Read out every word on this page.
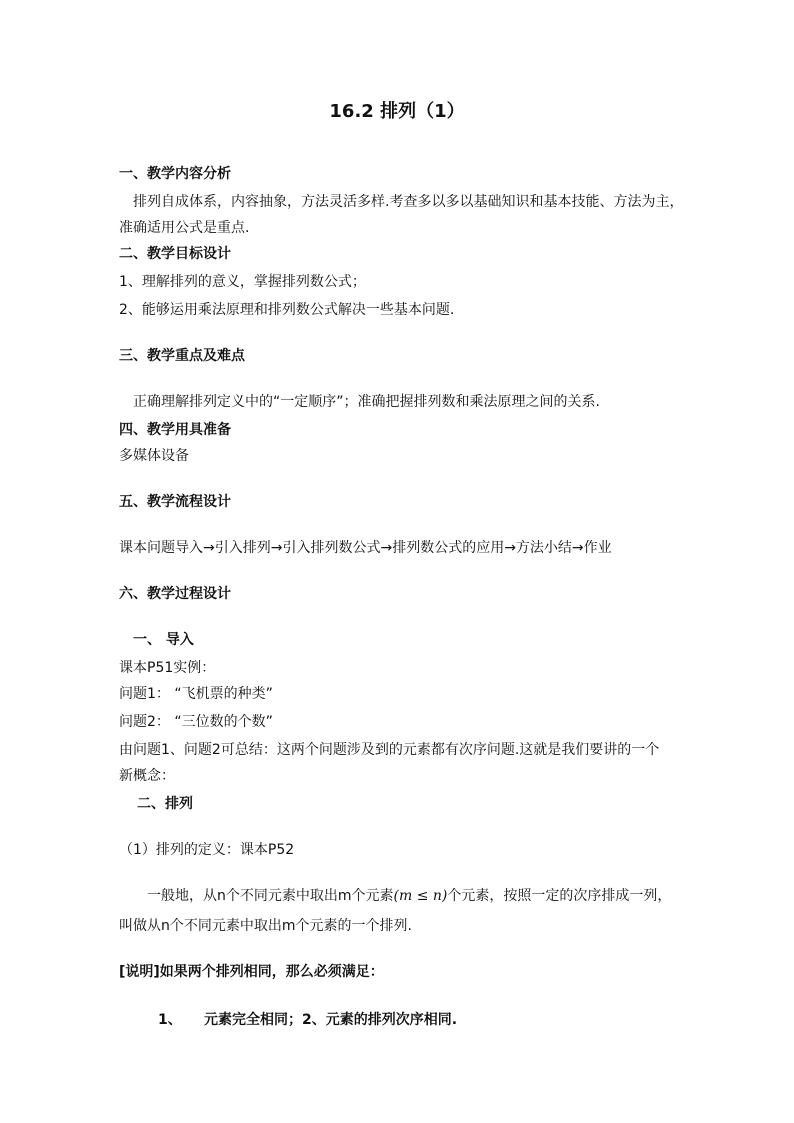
16.2 排列（1）
一、教学内容分析
排列自成体系，内容抽象，方法灵活多样.考查多以多以基础知识和基本技能、方法为主，
准确适用公式是重点.
二、教学目标设计
1、理解排列的意义，掌握排列数公式；
2、能够运用乘法原理和排列数公式解决一些基本问题.
三、教学重点及难点
正确理解排列定义中的“一定顺序”；准确把握排列数和乘法原理之间的关系.
四、教学用具准备
多媒体设备
五、教学流程设计
课本问题导入→引入排列→引入排列数公式→排列数公式的应用→方法小结→作业
六、教学过程设计
一、 导入
课本P51实例：
问题1： “飞机票的种类”
问题2： “三位数的个数”
由问题1、问题2可总结：这两个问题涉及到的元素都有次序问题.这就是我们要讲的一个
新概念：
二、排列
（1）排列的定义：课本P52
一般地，从n个不同元素中取出m个元素(m ≤ n)个元素，按照一定的次序排成一列，
叫做从n个不同元素中取出m个元素的一个排列.
[说明]如果两个排列相同，那么必须满足：
1、 元素完全相同；2、元素的排列次序相同.
